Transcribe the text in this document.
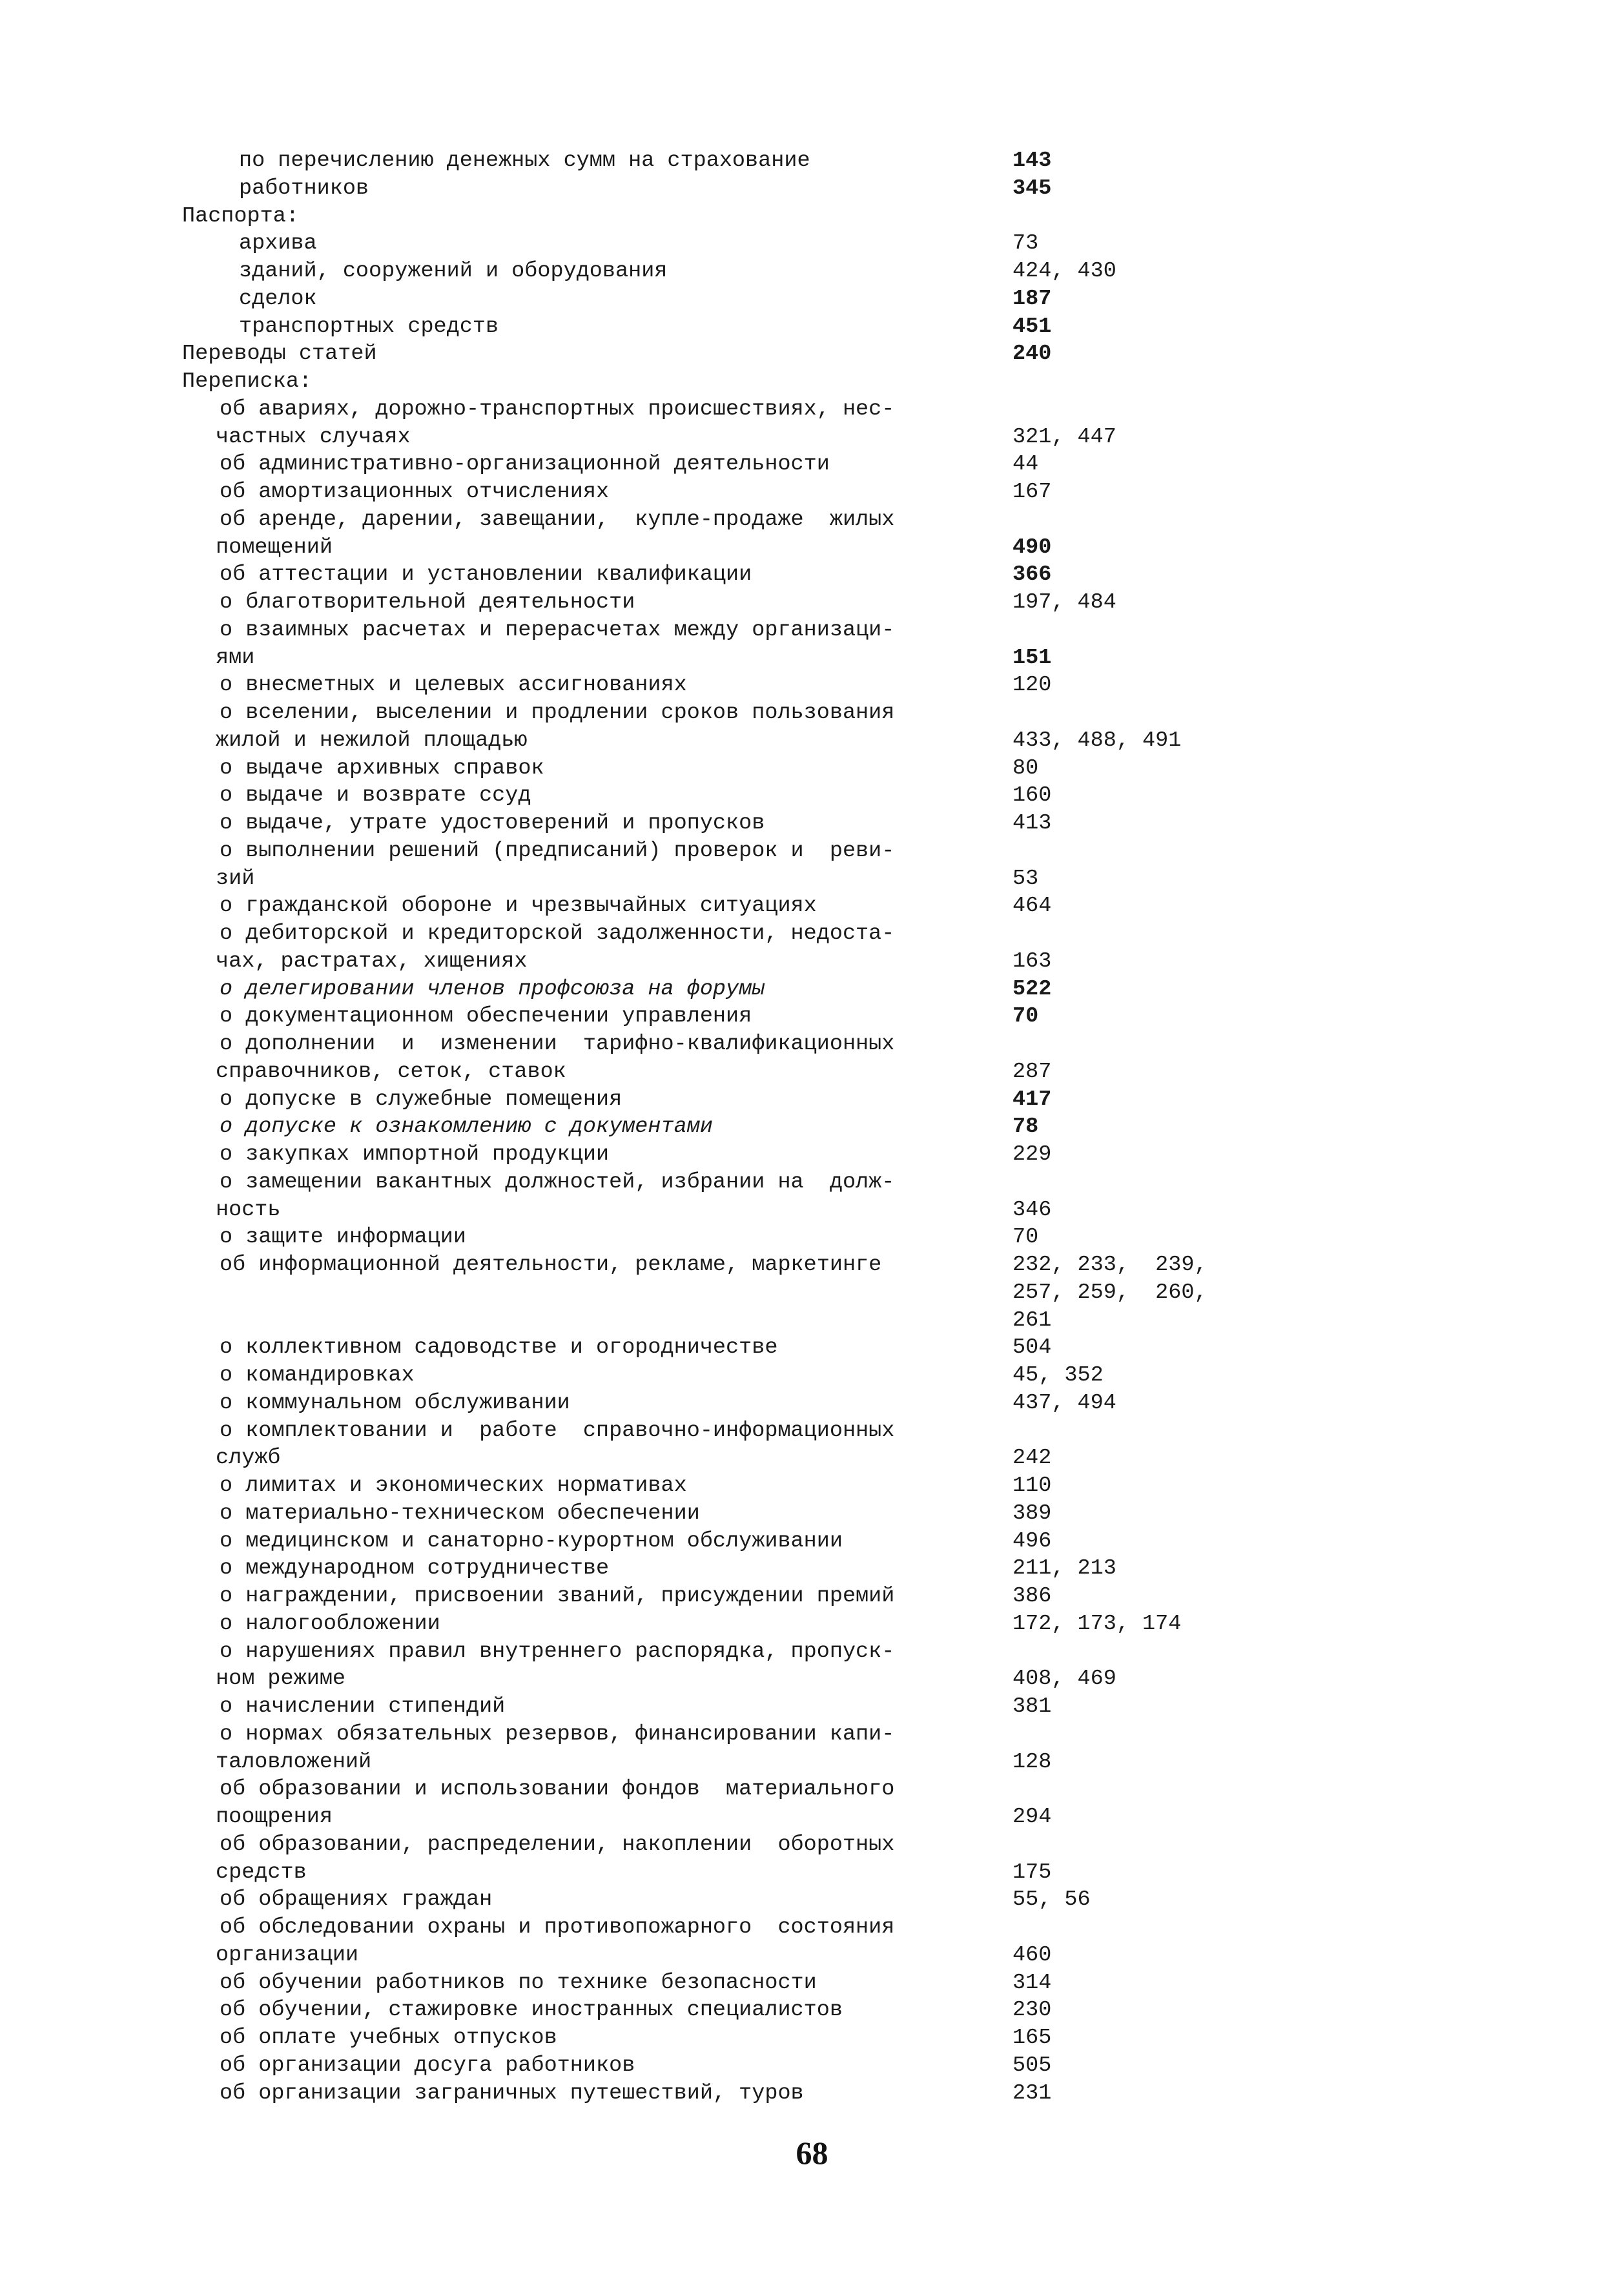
по перечислению денежных сумм на страхование	143
работников	345
Паспорта:
архива	73
зданий, сооружений и оборудования	424, 430
сделок	187
транспортных средств	451
Переводы статей	240
Переписка:
об авариях, дорожно-транспортных происшествиях, нес-
частных случаях	321, 447
об административно-организационной деятельности	44
об амортизационных отчислениях	167
об аренде, дарении, завещании,  купле-продаже  жилых
помещений	490
об аттестации и установлении квалификации	366
о благотворительной деятельности	197, 484
о взаимных расчетах и перерасчетах между организаци-
ями	151
о внесметных и целевых ассигнованиях	120
о вселении, выселении и продлении сроков пользования
жилой и нежилой площадью	433, 488, 491
о выдаче архивных справок	80
о выдаче и возврате ссуд	160
о выдаче, утрате удостоверений и пропусков	413
о выполнении решений (предписаний) проверок и  реви-
зий	53
о гражданской обороне и чрезвычайных ситуациях	464
о дебиторской и кредиторской задолженности, недоста-
чах, растратах, хищениях	163
о делегировании членов профсоюза на форумы	522
о документационном обеспечении управления	70
о дополнении  и  изменении  тарифно-квалификационных
справочников, сеток, ставок	287
о допуске в служебные помещения	417
о допуске к ознакомлению с документами	78
о закупках импортной продукции	229
о замещении вакантных должностей, избрании на  долж-
ность	346
о защите информации	70
об информационной деятельности, рекламе, маркетинге	232, 233,  239,
257, 259,  260,
261
о коллективном садоводстве и огородничестве	504
о командировках	45, 352
о коммунальном обслуживании	437, 494
о комплектовании и  работе  справочно-информационных
служб	242
о лимитах и экономических нормативах	110
о материально-техническом обеспечении	389
о медицинском и санаторно-курортном обслуживании	496
о международном сотрудничестве	211, 213
о награждении, присвоении званий, присуждении премий	386
о налогообложении	172, 173, 174
о нарушениях правил внутреннего распорядка, пропуск-
ном режиме	408, 469
о начислении стипендий	381
о нормах обязательных резервов, финансировании капи-
таловложений	128
об образовании и использовании фондов  материального
поощрения	294
об образовании, распределении, накоплении  оборотных
средств	175
об обращениях граждан	55, 56
об обследовании охраны и противопожарного  состояния
организации	460
об обучении работников по технике безопасности	314
об обучении, стажировке иностранных специалистов	230
об оплате учебных отпусков	165
об организации досуга работников	505
об организации заграничных путешествий, туров	231
68
